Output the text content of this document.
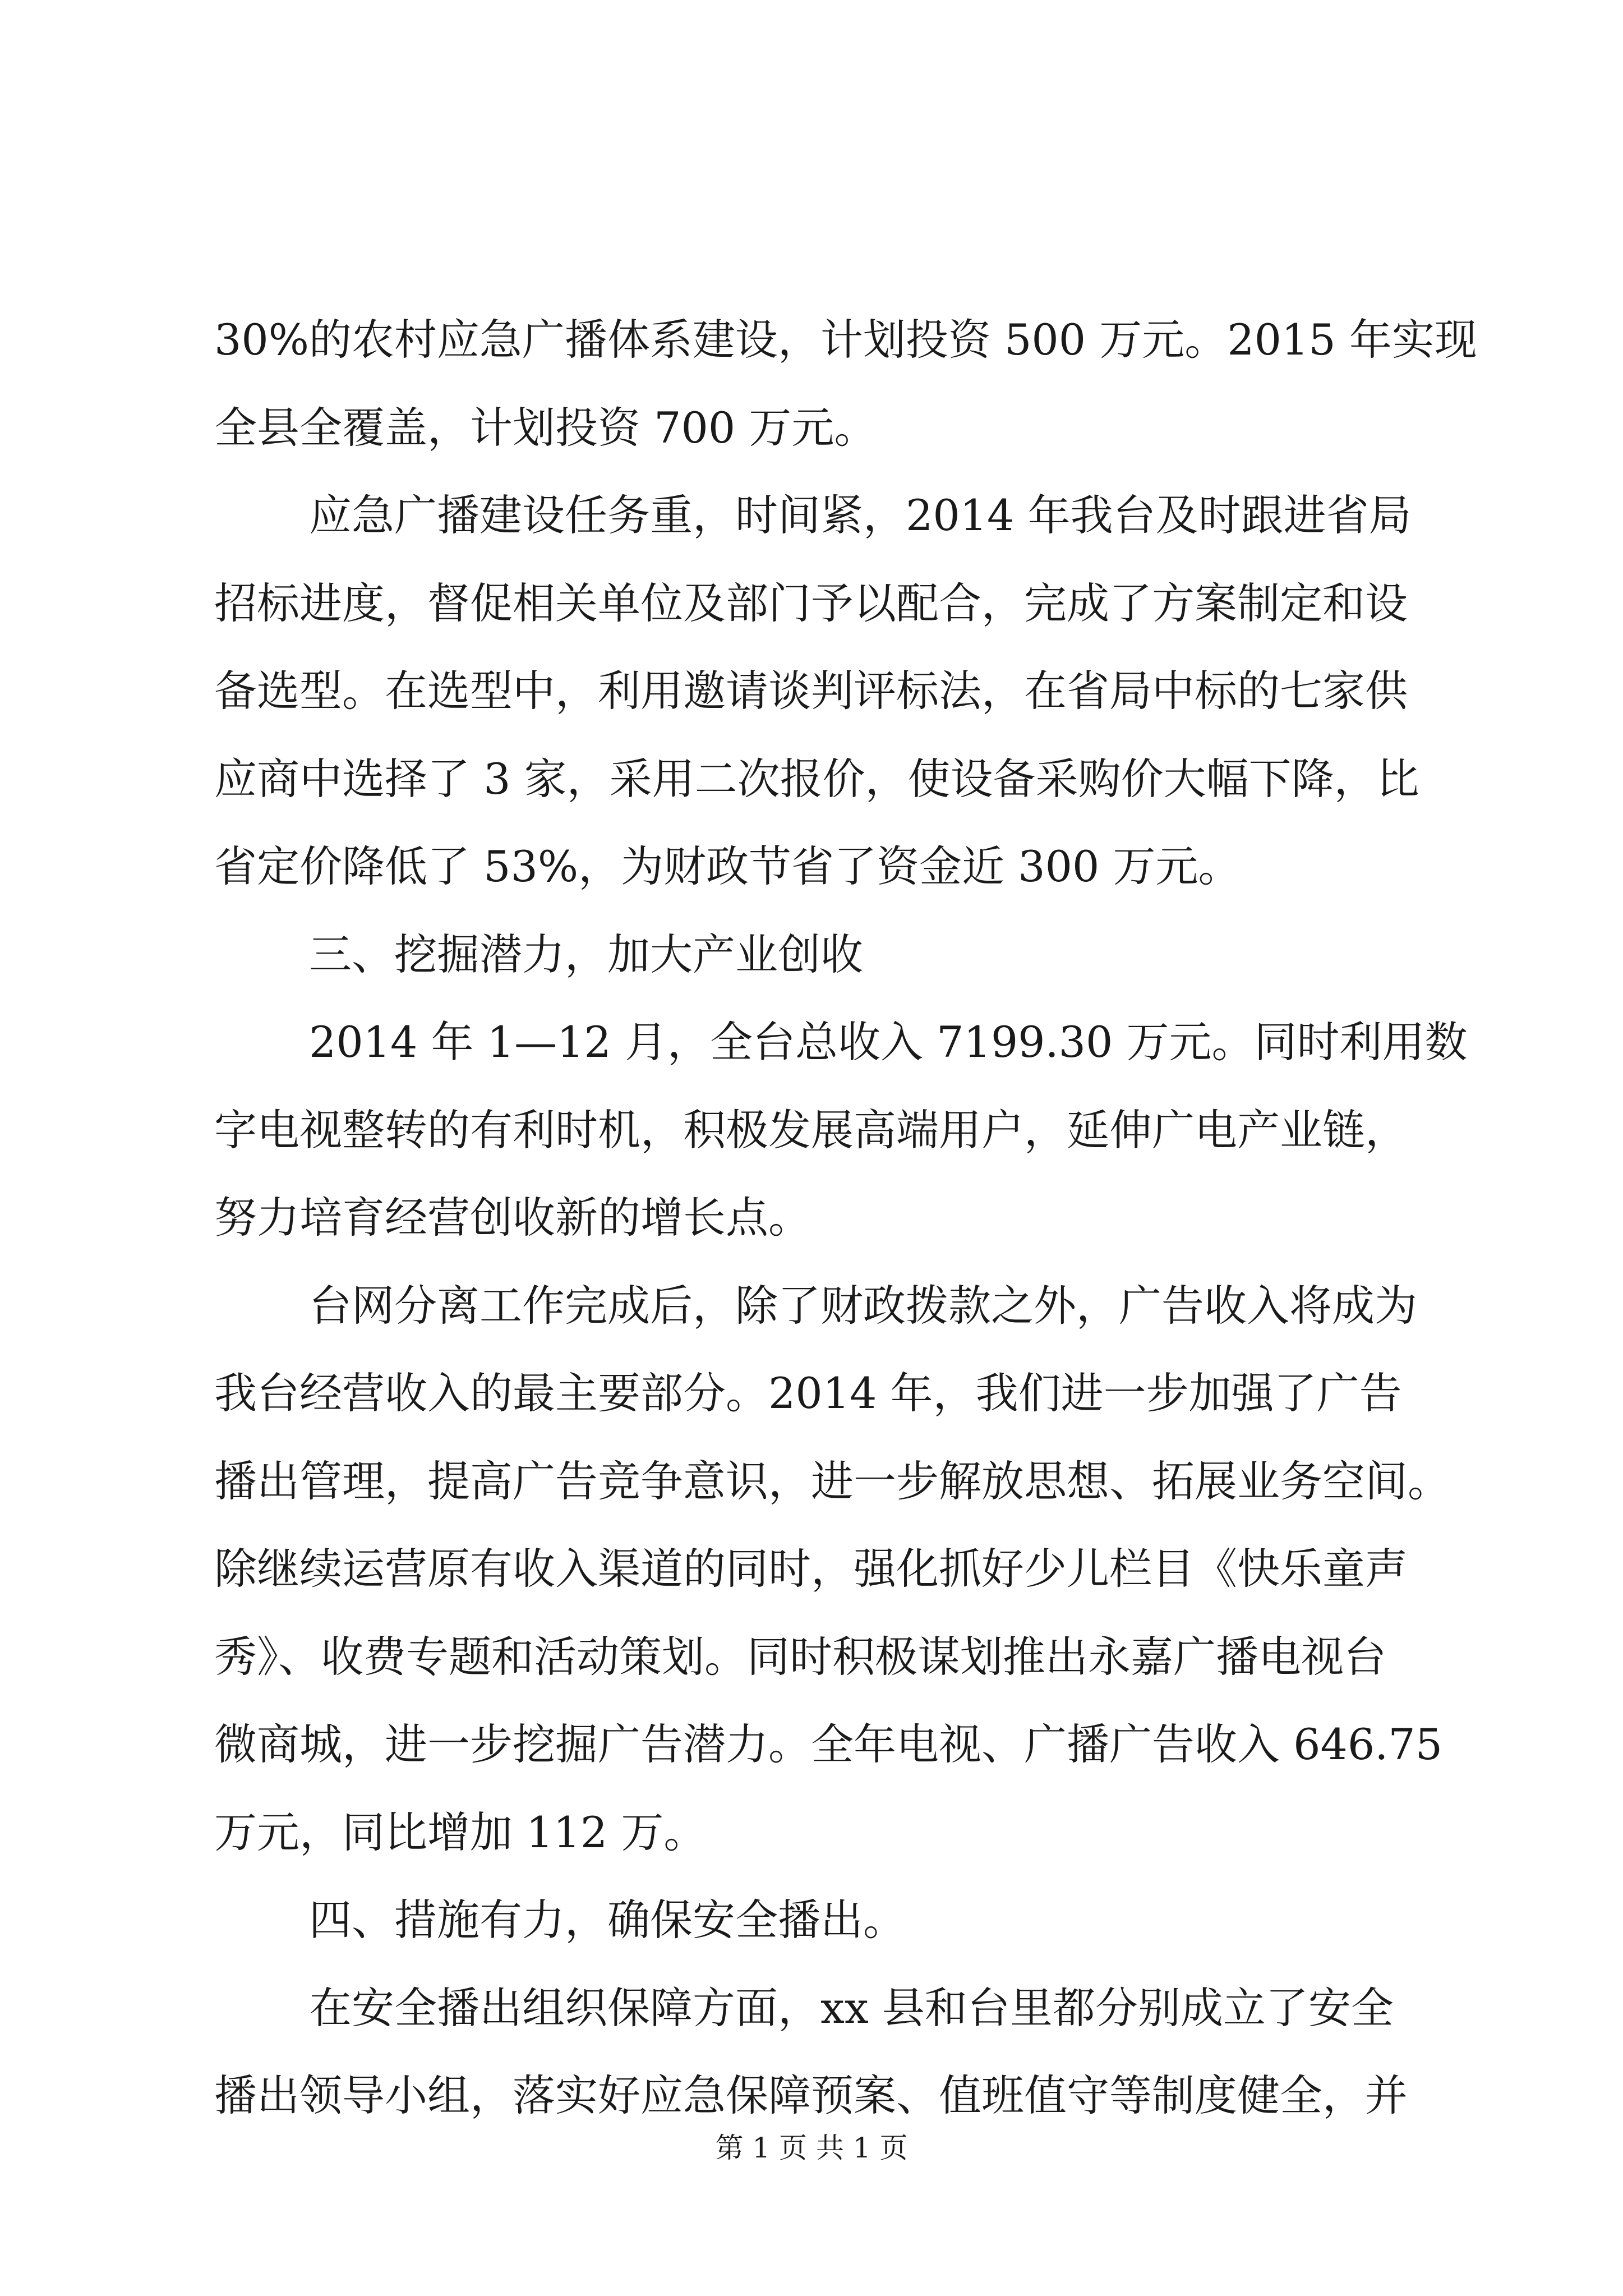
30%的农村应急广播体系建设，计划投资 500 万元。2015 年实现
全县全覆盖，计划投资 700 万元。
应急广播建设任务重，时间紧，2014 年我台及时跟进省局
招标进度，督促相关单位及部门予以配合，完成了方案制定和设
备选型。在选型中，利用邀请谈判评标法，在省局中标的七家供
应商中选择了 3 家，采用二次报价，使设备采购价大幅下降，比
省定价降低了 53%，为财政节省了资金近 300 万元。
三、挖掘潜力，加大产业创收
2014 年 1—12 月，全台总收入 7199.30 万元。同时利用数
字电视整转的有利时机，积极发展高端用户，延伸广电产业链，
努力培育经营创收新的增长点。
台网分离工作完成后，除了财政拨款之外，广告收入将成为
我台经营收入的最主要部分。2014 年，我们进一步加强了广告
播出管理，提高广告竞争意识，进一步解放思想、拓展业务空间。
除继续运营原有收入渠道的同时，强化抓好少儿栏目《快乐童声
秀》、收费专题和活动策划。同时积极谋划推出永嘉广播电视台
微商城，进一步挖掘广告潜力。全年电视、广播广告收入 646.75
万元，同比增加 112 万。
四、措施有力，确保安全播出。
在安全播出组织保障方面，xx 县和台里都分别成立了安全
播出领导小组，落实好应急保障预案、值班值守等制度健全，并
第 1 页 共 1 页
